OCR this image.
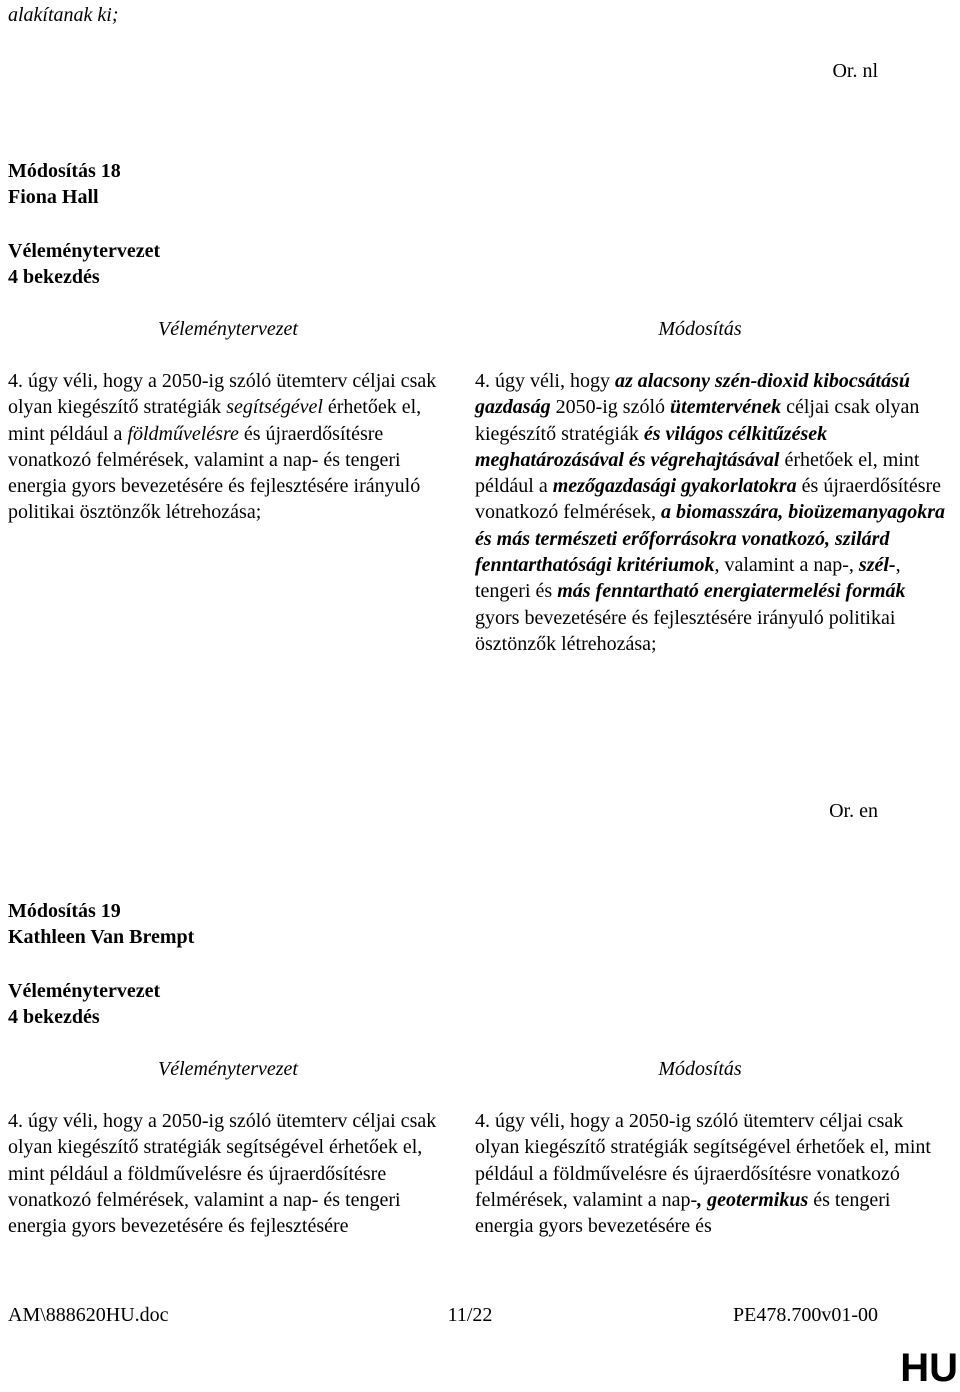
alakítanak ki;
Or. nl
Módosítás 18
Fiona Hall
Véleménytervezet
4 bekezdés
Véleménytervezet	Módosítás

4. úgy véli, hogy a 2050-ig szóló ütemterv céljai csak olyan kiegészítő stratégiák segítségével érhetőek el, mint például a földművelésre és újraerdősítésre vonatkozó felmérések, valamint a nap- és tengeri energia gyors bevezetésére és fejlesztésére irányuló politikai ösztönzők létrehozása;

4. úgy véli, hogy az alacsony szén-dioxid kibocsátású gazdaság 2050-ig szóló ütemtervének céljai csak olyan kiegészítő stratégiák és világos célkitűzések meghatározásával és végrehajtásával érhetőek el, mint például a mezőgazdasági gyakorlatokra és újraerdősítésre vonatkozó felmérések, a biomasszára, bioüzemanyagokra és más természeti erőforrásokra vonatkozó, szilárd fenntarthatósági kritériumok, valamint a nap-, szél-, tengeri és más fenntartható energiatermelési formák gyors bevezetésére és fejlesztésére irányuló politikai ösztönzők létrehozása;

Or. en
Módosítás 19
Kathleen Van Brempt
Véleménytervezet
4 bekezdés
Véleménytervezet	Módosítás

4. úgy véli, hogy a 2050-ig szóló ütemterv céljai csak olyan kiegészítő stratégiák segítségével érhetőek el, mint például a földművelésre és újraerdősítésre vonatkozó felmérések, valamint a nap- és tengeri energia gyors bevezetésére és fejlesztésére

4. úgy véli, hogy a 2050-ig szóló ütemterv céljai csak olyan kiegészítő stratégiák segítségével érhetőek el, mint például a földművelésre és újraerdősítésre vonatkozó felmérések, valamint a nap-, geotermikus és tengeri energia gyors bevezetésére és

AM\888620HU.doc	11/22	PE478.700v01-00
HU
